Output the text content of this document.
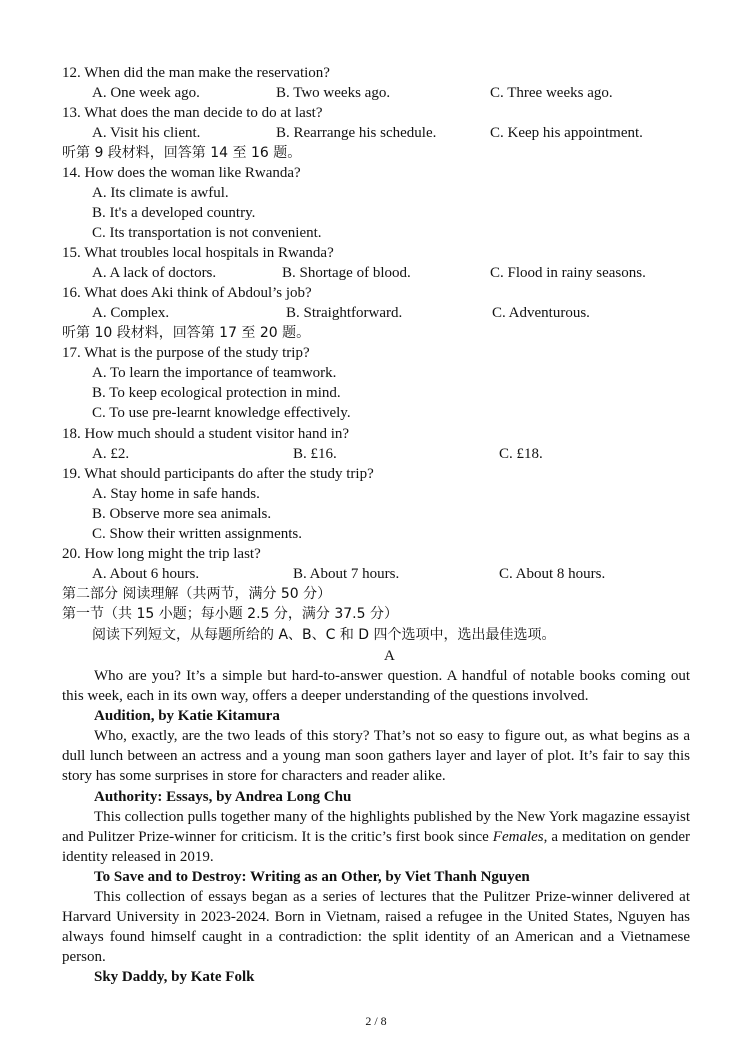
12. When did the man make the reservation?
A. One week ago.	B. Two weeks ago.	C. Three weeks ago.
13. What does the man decide to do at last?
A. Visit his client.	B. Rearrange his schedule.	C. Keep his appointment.
听第 9 段材料，回答第 14 至 16 题。
14. How does the woman like Rwanda?
A. Its climate is awful.
B. It's a developed country.
C. Its transportation is not convenient.
15. What troubles local hospitals in Rwanda?
A. A lack of doctors.	B. Shortage of blood.	C. Flood in rainy seasons.
16. What does Aki think of Abdoul’s job?
A. Complex.	B. Straightforward.	C. Adventurous.
听第 10 段材料，回答第 17 至 20 题。
17. What is the purpose of the study trip?
A. To learn the importance of teamwork.
B. To keep ecological protection in mind.
C. To use pre-learnt knowledge effectively.
18. How much should a student visitor hand in?
A. £2.	B. £16.	C. £18.
19. What should participants do after the study trip?
A. Stay home in safe hands.
B. Observe more sea animals.
C. Show their written assignments.
20. How long might the trip last?
A. About 6 hours.	B. About 7 hours.	C. About 8 hours.
第二部分 阅读理解（共两节，满分 50 分）
第一节（共 15 小题；每小题 2.5 分，满分 37.5 分）
阅读下列短文，从每题所给的 A、B、C 和 D 四个选项中，选出最佳选项。
A
Who are you? It’s a simple but hard-to-answer question. A handful of notable books coming out this week, each in its own way, offers a deeper understanding of the questions involved.
Audition, by Katie Kitamura
Who, exactly, are the two leads of this story? That’s not so easy to figure out, as what begins as a dull lunch between an actress and a young man soon gathers layer and layer of plot. It’s fair to say this story has some surprises in store for characters and reader alike.
Authority: Essays, by Andrea Long Chu
This collection pulls together many of the highlights published by the New York magazine essayist and Pulitzer Prize-winner for criticism. It is the critic’s first book since Females, a meditation on gender identity released in 2019.
To Save and to Destroy: Writing as an Other, by Viet Thanh Nguyen
This collection of essays began as a series of lectures that the Pulitzer Prize-winner delivered at Harvard University in 2023-2024. Born in Vietnam, raised a refugee in the United States, Nguyen has always found himself caught in a contradiction: the split identity of an American and a Vietnamese person.
Sky Daddy, by Kate Folk
2 / 8
